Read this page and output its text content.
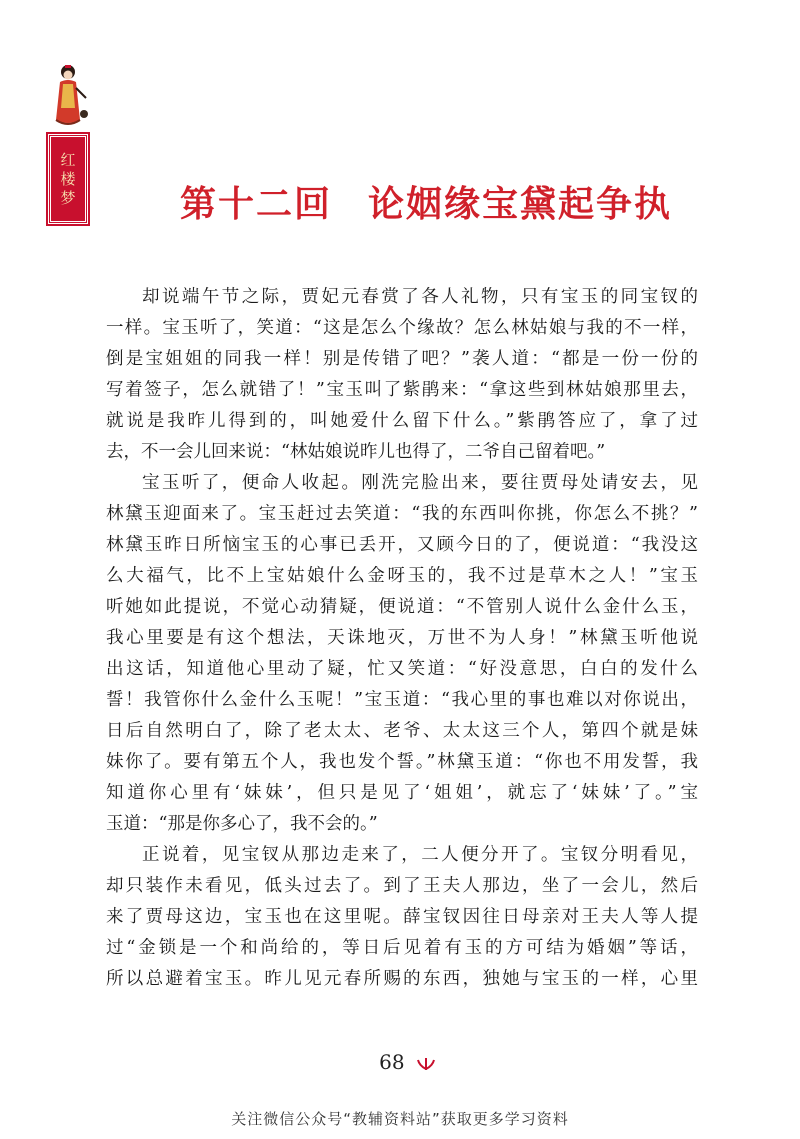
红
楼
梦	第十二回 论姻缘宝黛起争执
却说端午节之际，贾妃元春赏了各人礼物，只有宝玉的同宝钗的
一样。宝玉听了，笑道：“这是怎么个缘故？怎么林姑娘与我的不一样，
倒是宝姐姐的同我一样！别是传错了吧？”袭人道：“都是一份一份的
写着签子，怎么就错了！”宝玉叫了紫鹃来：“拿这些到林姑娘那里去，
就说是我昨儿得到的，叫她爱什么留下什么。”紫鹃答应了，拿了过
去，不一会儿回来说：“林姑娘说昨儿也得了，二爷自己留着吧。”
宝玉听了，便命人收起。刚洗完脸出来，要往贾母处请安去，见
林黛玉迎面来了。宝玉赶过去笑道：“我的东西叫你挑，你怎么不挑？”
林黛玉昨日所恼宝玉的心事已丢开，又顾今日的了，便说道：“我没这
么大福气，比不上宝姑娘什么金呀玉的，我不过是草木之人！”宝玉
听她如此提说，不觉心动猜疑，便说道：“不管别人说什么金什么玉，
我心里要是有这个想法，天诛地灭，万世不为人身！”林黛玉听他说
出这话，知道他心里动了疑，忙又笑道：“好没意思，白白的发什么
誓！我管你什么金什么玉呢！”宝玉道：“我心里的事也难以对你说出，
日后自然明白了，除了老太太、老爷、太太这三个人，第四个就是妹
妹你了。要有第五个人，我也发个誓。”林黛玉道：“你也不用发誓，我
知道你心里有‘妹妹’，但只是见了‘姐姐’，就忘了‘妹妹’了。”宝
玉道：“那是你多心了，我不会的。”
正说着，见宝钗从那边走来了，二人便分开了。宝钗分明看见，
却只装作未看见，低头过去了。到了王夫人那边，坐了一会儿，然后
来了贾母这边，宝玉也在这里呢。薛宝钗因往日母亲对王夫人等人提
过“金锁是一个和尚给的，等日后见着有玉的方可结为婚姻”等话，
所以总避着宝玉。昨儿见元春所赐的东西，独她与宝玉的一样，心里
68
关注微信公众号“教辅资料站”获取更多学习资料
